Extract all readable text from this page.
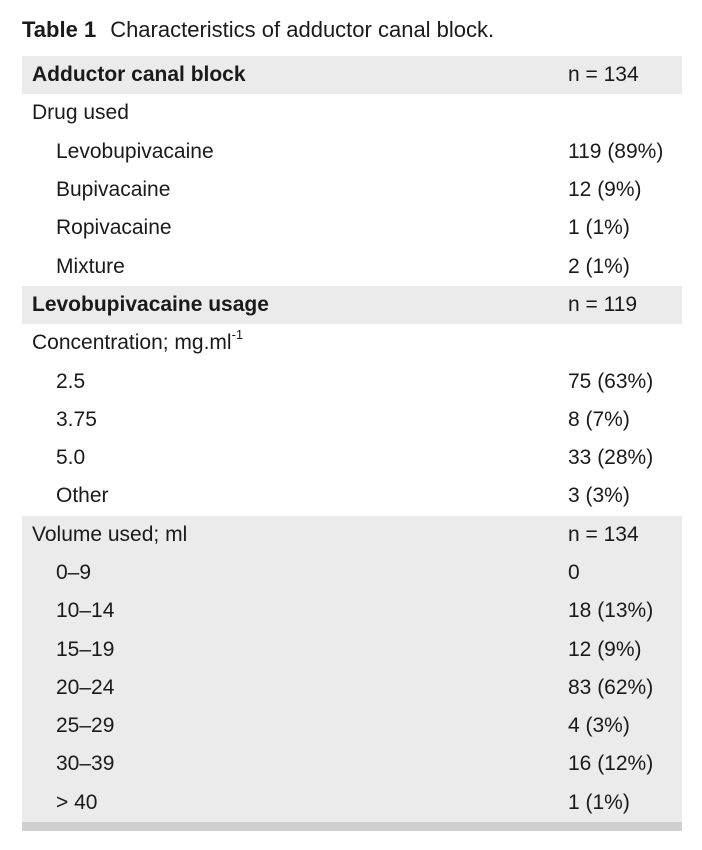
Table 1 Characteristics of adductor canal block.
Adductor canal block	n = 134
Drug used
Levobupivacaine	119 (89%)
Bupivacaine	12 (9%)
Ropivacaine	1 (1%)
Mixture	2 (1%)
Levobupivacaine usage	n = 119
Concentration; $mg.ml^{-1}$
2.5	75 (63%)
3.75	8 (7%)
5.0	33 (28%)
Other	3 (3%)
Volume used; ml	n = 134
0–9	0
10–14	18 (13%)
15–19	12 (9%)
20–24	83 (62%)
25–29	4 (3%)
30–39	16 (12%)
> 40	1 (1%)
